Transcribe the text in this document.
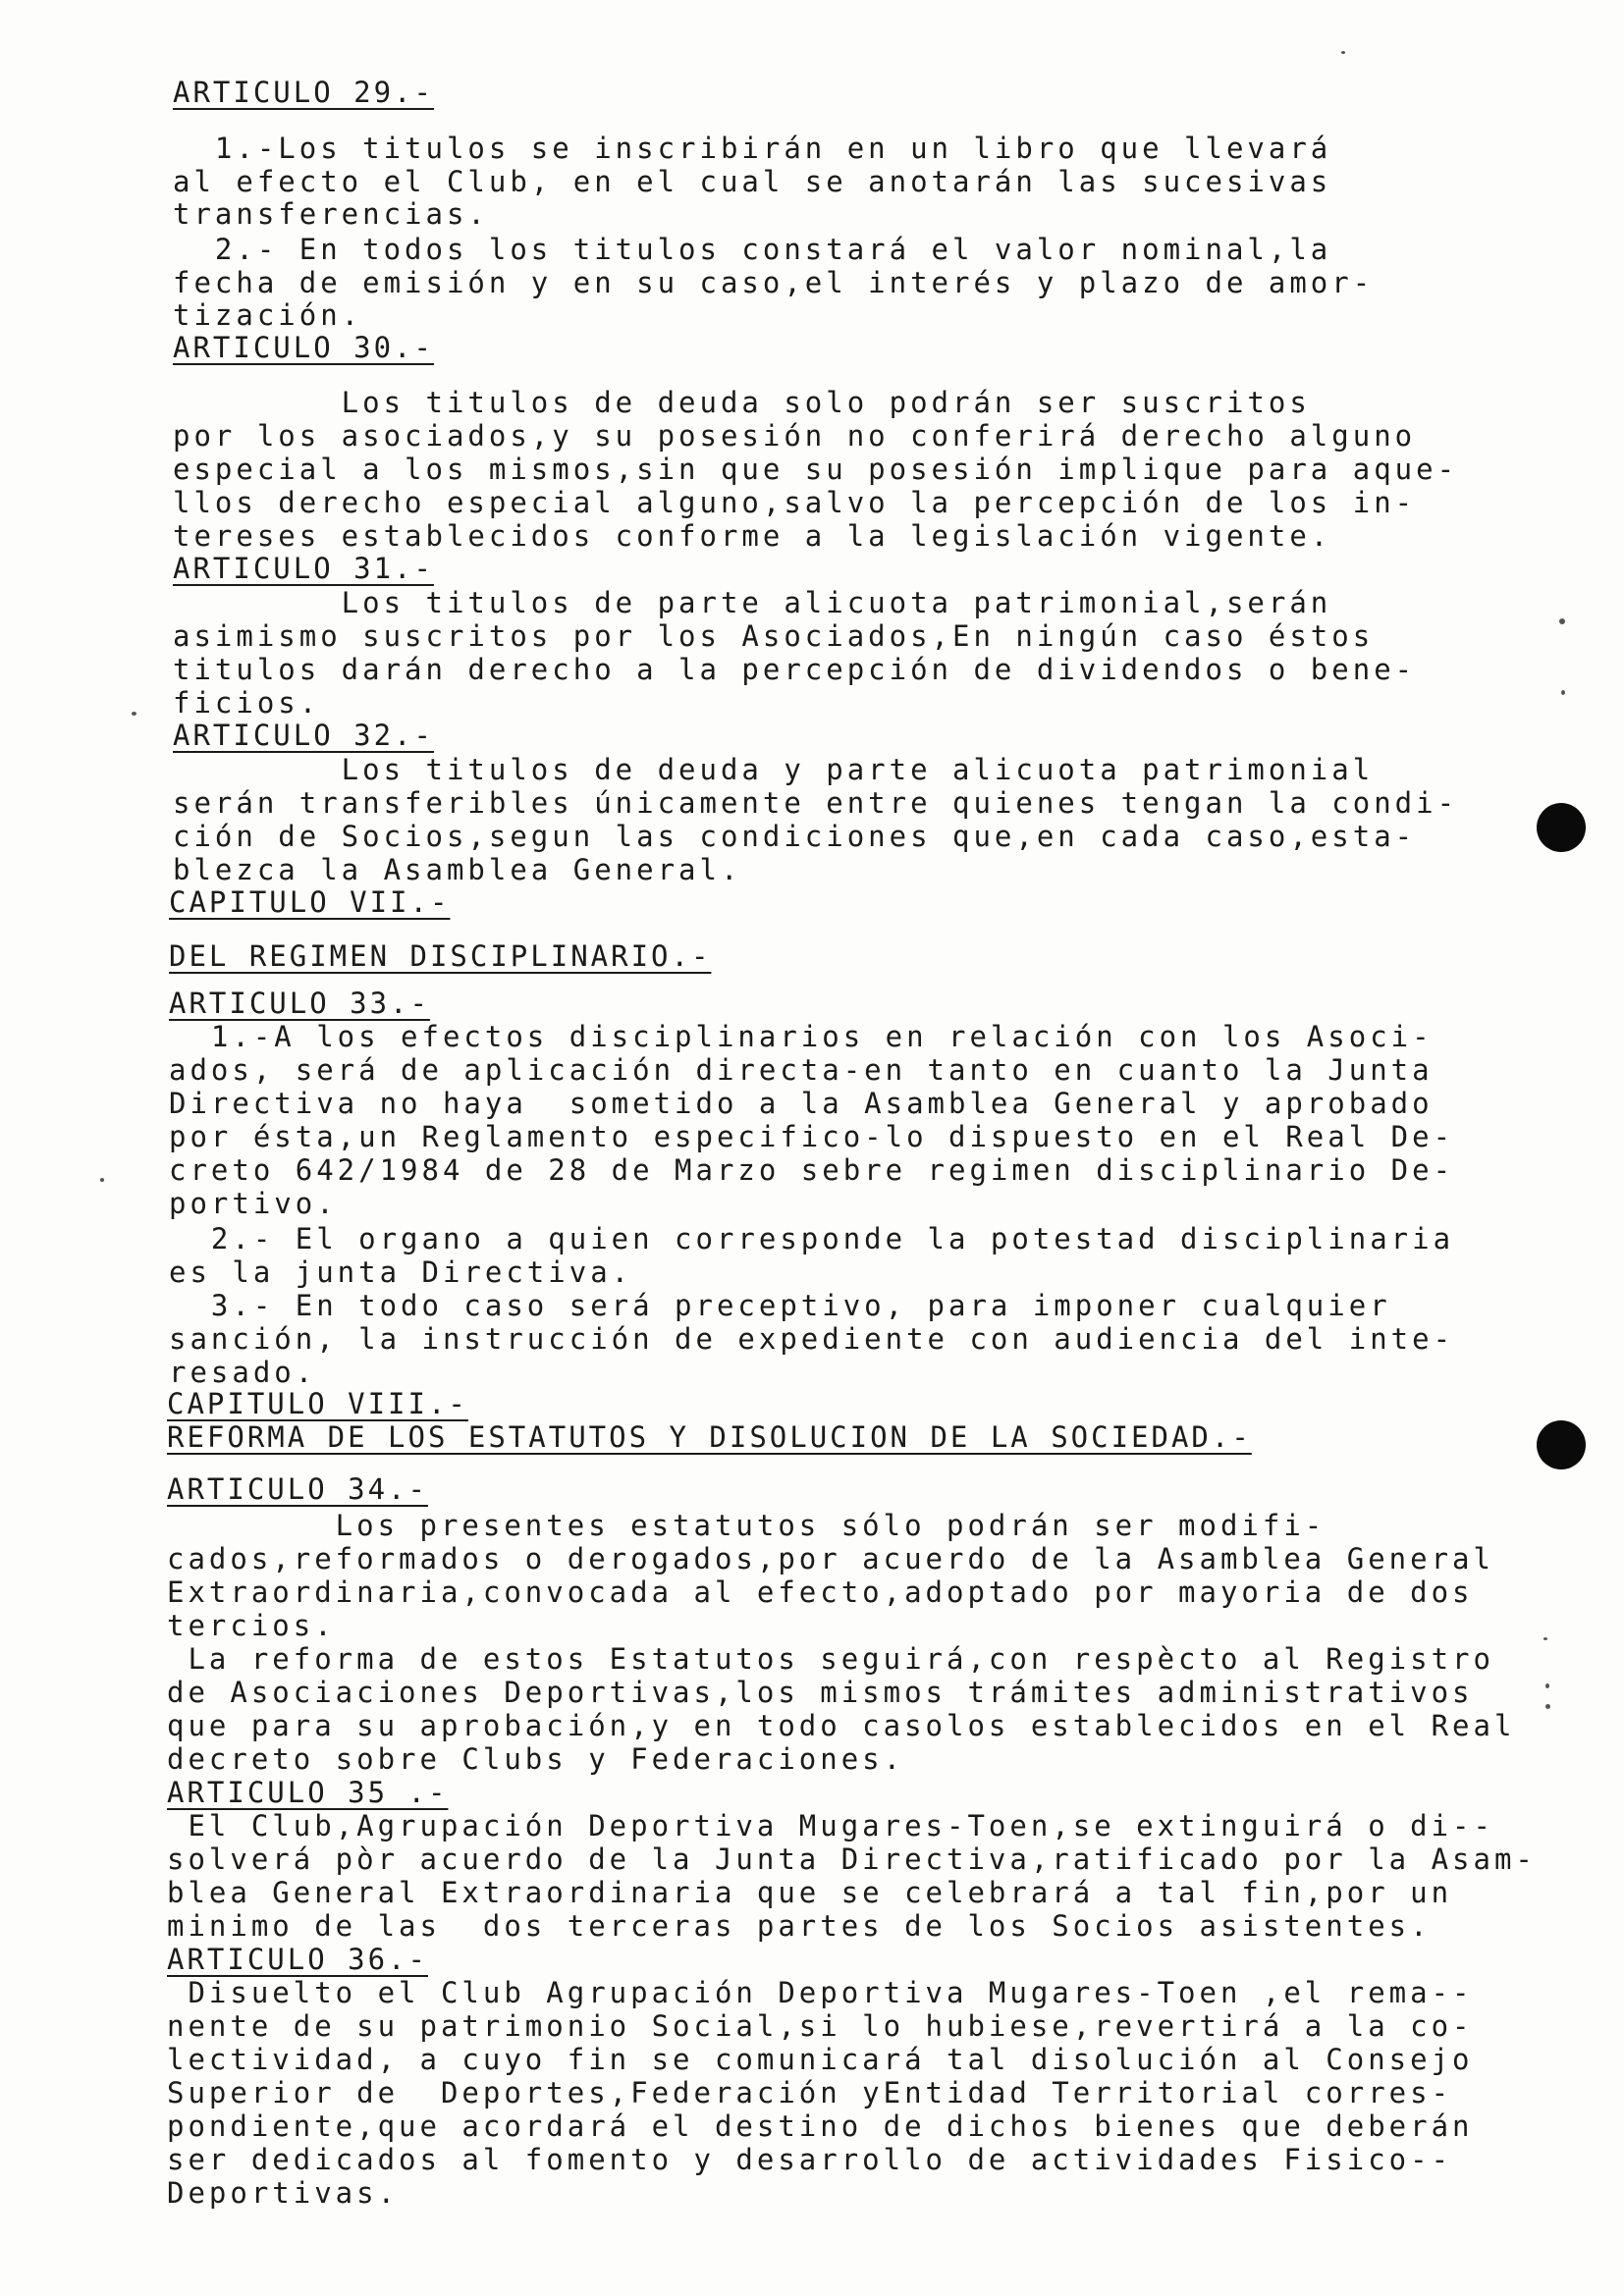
ARTICULO 29.-
1.-Los titulos se inscribirán en un libro que llevará
al efecto el Club, en el cual se anotarán las sucesivas
transferencias.
2.- En todos los titulos constará el valor nominal,la
fecha de emisión y en su caso,el interés y plazo de amor-
tización.
ARTICULO 30.-
Los titulos de deuda solo podrán ser suscritos
por los asociados,y su posesión no conferirá derecho alguno
especial a los mismos,sin que su posesión implique para aque-
llos derecho especial alguno,salvo la percepción de los in-
tereses establecidos conforme a la legislación vigente.
ARTICULO 31.-
Los titulos de parte alicuota patrimonial,serán
asimismo suscritos por los Asociados,En ningún caso éstos
titulos darán derecho a la percepción de dividendos o bene-
ficios.
ARTICULO 32.-
Los titulos de deuda y parte alicuota patrimonial
serán transferibles únicamente entre quienes tengan la condi-
ción de Socios,segun las condiciones que,en cada caso,esta-
blezca la Asamblea General.
CAPITULO VII.-
DEL REGIMEN DISCIPLINARIO.-
ARTICULO 33.-
1.-A los efectos disciplinarios en relación con los Asoci-
ados, será de aplicación directa-en tanto en cuanto la Junta
Directiva no haya  sometido a la Asamblea General y aprobado
por ésta,un Reglamento especifico-lo dispuesto en el Real De-
creto 642/1984 de 28 de Marzo sebre regimen disciplinario De-
portivo.
2.- El organo a quien corresponde la potestad disciplinaria
es la junta Directiva.
3.- En todo caso será preceptivo, para imponer cualquier
sanción, la instrucción de expediente con audiencia del inte-
resado.
CAPITULO VIII.-
REFORMA DE LOS ESTATUTOS Y DISOLUCION DE LA SOCIEDAD.-
ARTICULO 34.-
Los presentes estatutos sólo podrán ser modifi-
cados,reformados o derogados,por acuerdo de la Asamblea General
Extraordinaria,convocada al efecto,adoptado por mayoria de dos
tercios.
La reforma de estos Estatutos seguirá,con respècto al Registro
de Asociaciones Deportivas,los mismos trámites administrativos
que para su aprobación,y en todo casolos establecidos en el Real
decreto sobre Clubs y Federaciones.
ARTICULO 35 .-
El Club,Agrupación Deportiva Mugares-Toen,se extinguirá o di--
solverá pòr acuerdo de la Junta Directiva,ratificado por la Asam-
blea General Extraordinaria que se celebrará a tal fin,por un
minimo de las  dos terceras partes de los Socios asistentes.
ARTICULO 36.-
Disuelto el Club Agrupación Deportiva Mugares-Toen ,el rema--
nente de su patrimonio Social,si lo hubiese,revertirá a la co-
lectividad, a cuyo fin se comunicará tal disolución al Consejo
Superior de  Deportes,Federación yEntidad Territorial corres-
pondiente,que acordará el destino de dichos bienes que deberán
ser dedicados al fomento y desarrollo de actividades Fisico--
Deportivas.
